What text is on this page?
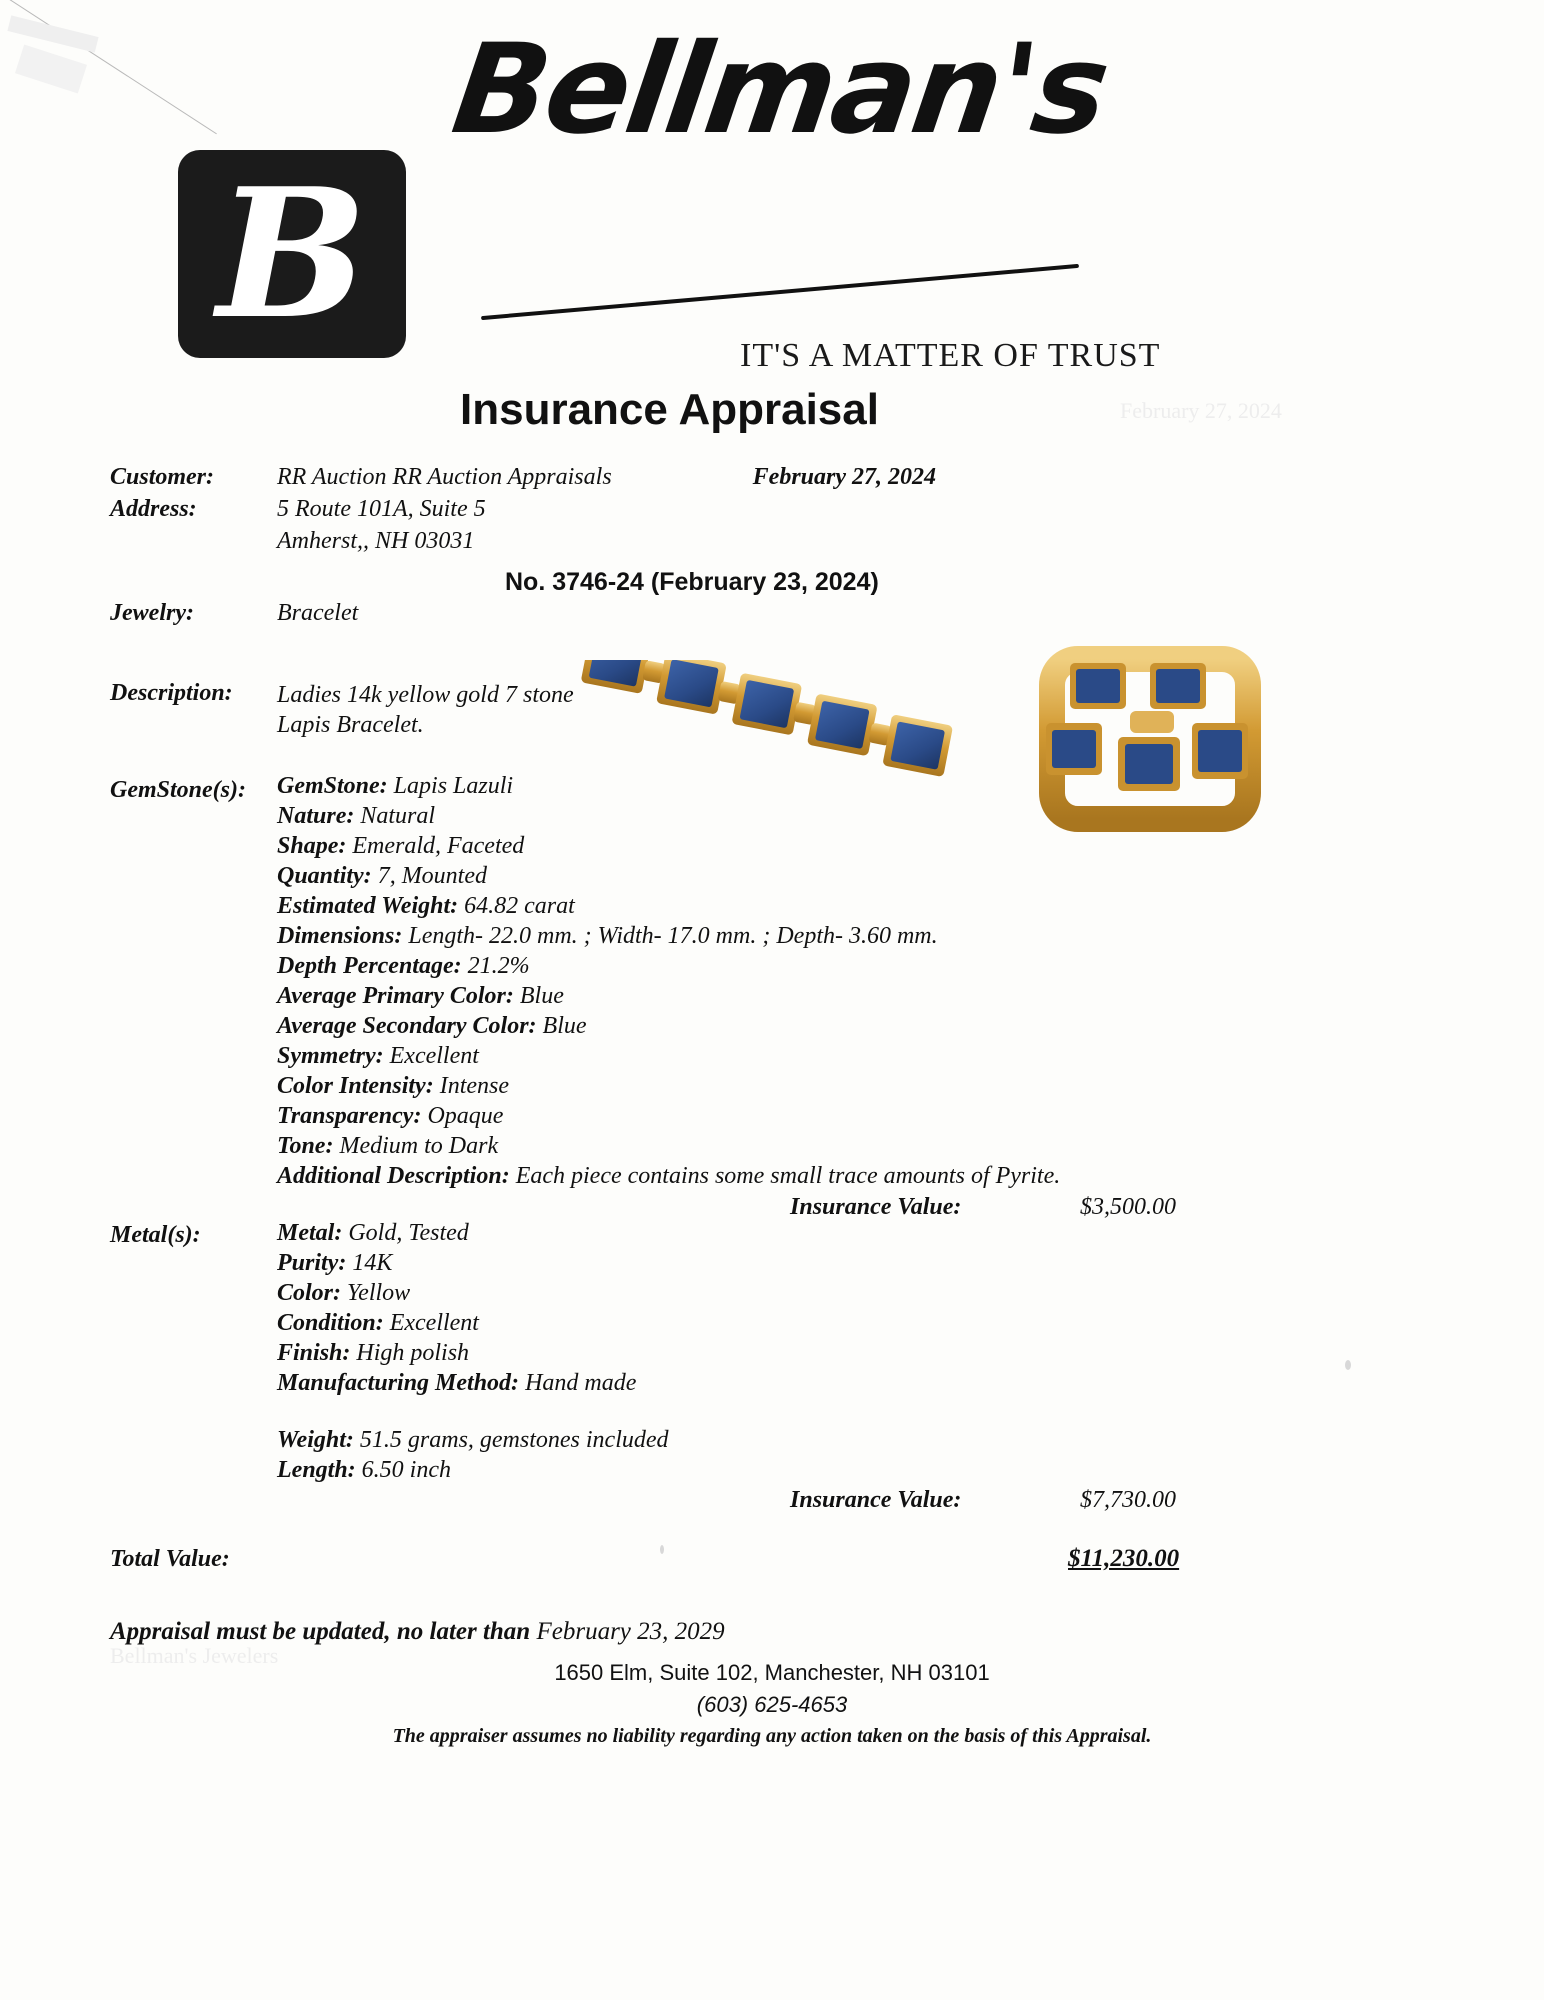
February 27, 2024
Bellman's Jewelers
B
Bellman's
IT'S A MATTER OF TRUST
Insurance Appraisal
Customer:	RR Auction RR Auction Appraisals
Address:	5 Route 101A, Suite 5
Amherst,, NH 03031
February 27, 2024
No. 3746-24 (February 23, 2024)
Jewelry:	Bracelet
Description: Ladies 14k yellow gold 7 stone Lapis Bracelet.
GemStone(s): GemStone: Lapis Lazuli
Nature: Natural
Shape: Emerald, Faceted
Quantity: 7, Mounted
Estimated Weight: 64.82 carat
Dimensions: Length- 22.0 mm. ; Width- 17.0 mm. ; Depth- 3.60 mm.
Depth Percentage: 21.2%
Average Primary Color: Blue
Average Secondary Color: Blue
Symmetry: Excellent
Color Intensity: Intense
Transparency: Opaque
Tone: Medium to Dark
Additional Description: Each piece contains some small trace amounts of Pyrite.
Insurance Value:	$3,500.00
Metal(s):	Metal: Gold, Tested
Purity: 14K
Color: Yellow
Condition: Excellent
Finish: High polish
Manufacturing Method: Hand made
Weight: 51.5 grams, gemstones included
Length: 6.50 inch
Insurance Value:	$7,730.00
Total Value:	$11,230.00
Appraisal must be updated, no later than February 23, 2029
1650 Elm, Suite 102, Manchester, NH 03101
(603) 625-4653
The appraiser assumes no liability regarding any action taken on the basis of this Appraisal.
